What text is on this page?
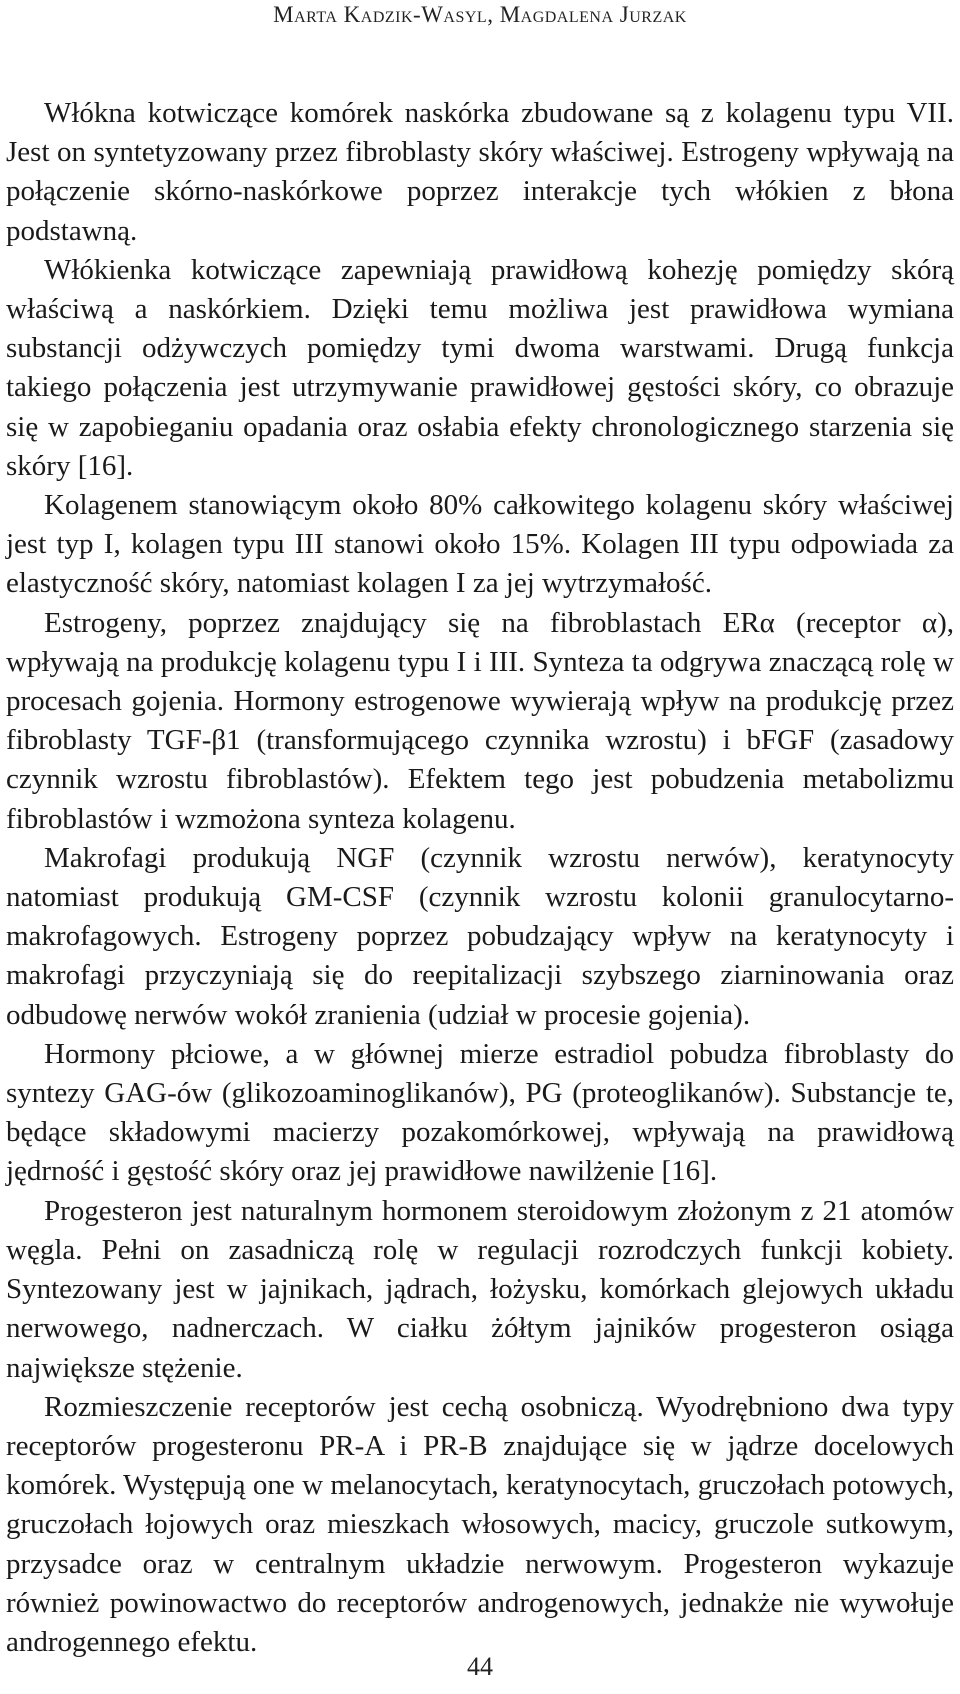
Marta Kadzik-Wasyl, Magdalena Jurzak

Włókna kotwiczące komórek naskórka zbudowane są z kolagenu typu VII. Jest on syntetyzowany przez fibroblasty skóry właściwej. Estrogeny wpływają na połączenie skórno-naskórkowe poprzez interakcje tych włókien z błona podstawną.

Włókienka kotwiczące zapewniają prawidłową kohezję pomiędzy skórą właściwą a naskórkiem. Dzięki temu możliwa jest prawidłowa wymiana substancji odżywczych pomiędzy tymi dwoma warstwami. Drugą funkcja takiego połączenia jest utrzymywanie prawidłowej gęstości skóry, co obrazuje się w zapobieganiu opadania oraz osłabia efekty chronologicznego starzenia się skóry [16].

Kolagenem stanowiącym około 80% całkowitego kolagenu skóry właściwej jest typ I, kolagen typu III stanowi około 15%. Kolagen III typu odpowiada za elastyczność skóry, natomiast kolagen I za jej wytrzymałość.

Estrogeny, poprzez znajdujący się na fibroblastach ERα (receptor α), wpływają na produkcję kolagenu typu I i III. Synteza ta odgrywa znaczącą rolę w procesach gojenia. Hormony estrogenowe wywierają wpływ na produkcję przez fibroblasty TGF-β1 (transformującego czynnika wzrostu) i bFGF (zasadowy czynnik wzrostu fibroblastów). Efektem tego jest pobudzenia metabolizmu fibroblastów i wzmożona synteza kolagenu.

Makrofagi produkują NGF (czynnik wzrostu nerwów), keratynocyty natomiast produkują GM-CSF (czynnik wzrostu kolonii granulocytarno-makrofagowych. Estrogeny poprzez pobudzający wpływ na keratynocyty i makrofagi przyczyniają się do reepitalizacji szybszego ziarninowania oraz odbudowę nerwów wokół zranienia (udział w procesie gojenia).

Hormony płciowe, a w głównej mierze estradiol pobudza fibroblasty do syntezy GAG-ów (glikozoaminoglikanów), PG (proteoglikanów). Substancje te, będące składowymi macierzy pozakomórkowej, wpływają na prawidłową jędrność i gęstość skóry oraz jej prawidłowe nawilżenie [16].

Progesteron jest naturalnym hormonem steroidowym złożonym z 21 atomów węgla. Pełni on zasadniczą rolę w regulacji rozrodczych funkcji kobiety. Syntezowany jest w jajnikach, jądrach, łożysku, komórkach glejowych układu nerwowego, nadnerczach. W ciałku żółtym jajników progesteron osiąga największe stężenie.

Rozmieszczenie receptorów jest cechą osobniczą. Wyodrębniono dwa typy receptorów progesteronu PR-A i PR-B znajdujące się w jądrze docelowych komórek. Występują one w melanocytach, keratynocytach, gruczołach potowych, gruczołach łojowych oraz mieszkach włosowych, macicy, gruczole sutkowym, przysadce oraz w centralnym układzie nerwowym. Progesteron wykazuje również powinowactwo do receptorów androgenowych, jednakże nie wywołuje androgennego efektu.

44
